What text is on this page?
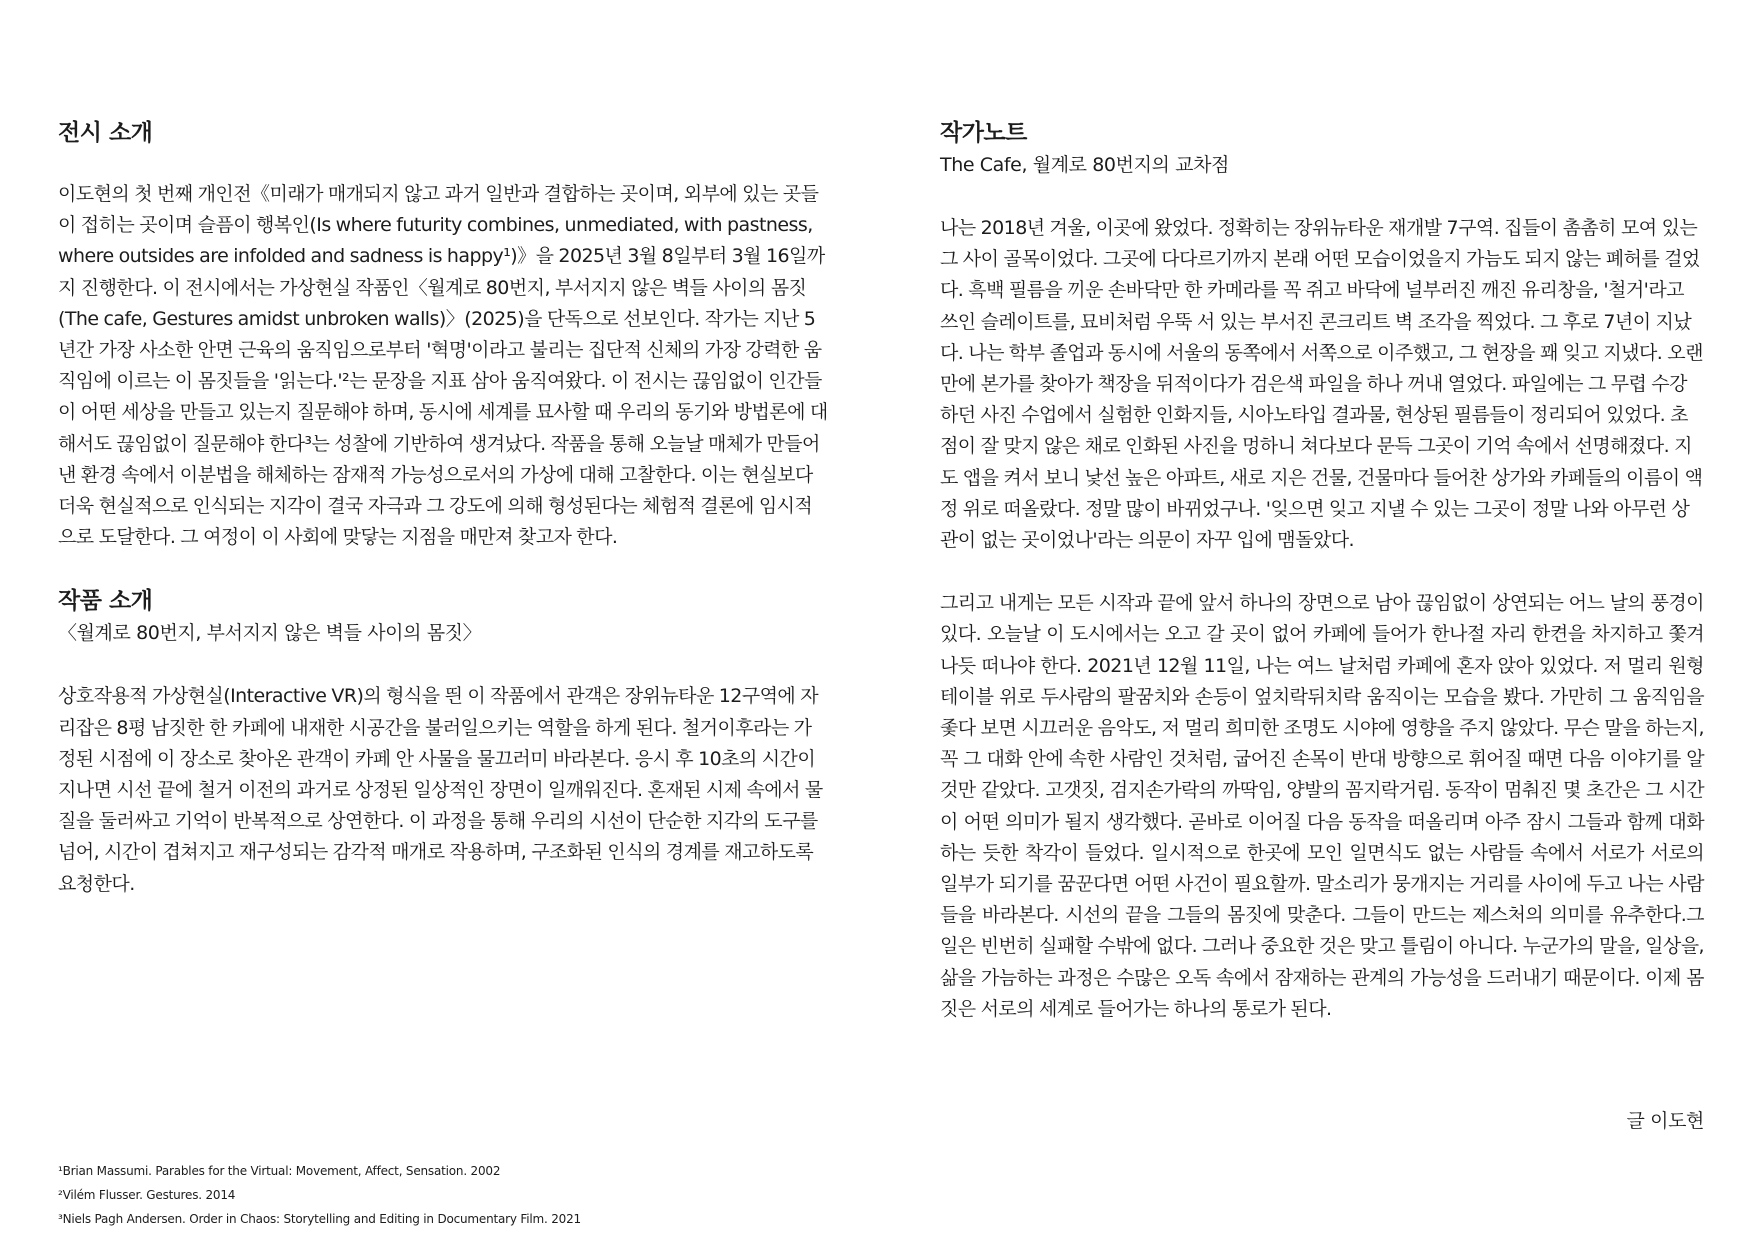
전시 소개

이도현의 첫 번째 개인전《미래가 매개되지 않고 과거 일반과 결합하는 곳이며, 외부에 있는 곳들이 접히는 곳이며 슬픔이 행복인(Is where futurity combines, unmediated, with pastness, where outsides are infolded and sadness is happy¹)》을 2025년 3월 8일부터 3월 16일까지 진행한다. 이 전시에서는 가상현실 작품인〈월계로 80번지, 부서지지 않은 벽들 사이의 몸짓(The cafe, Gestures amidst unbroken walls)〉(2025)을 단독으로 선보인다. 작가는 지난 5년간 가장 사소한 안면 근육의 움직임으로부터 '혁명'이라고 불리는 집단적 신체의 가장 강력한 움직임에 이르는 이 몸짓들을 '읽는다.'²는 문장을 지표 삼아 움직여왔다. 이 전시는 끊임없이 인간들이 어떤 세상을 만들고 있는지 질문해야 하며, 동시에 세계를 묘사할 때 우리의 동기와 방법론에 대해서도 끊임없이 질문해야 한다³는 성찰에 기반하여 생겨났다. 작품을 통해 오늘날 매체가 만들어낸 환경 속에서 이분법을 해체하는 잠재적 가능성으로서의 가상에 대해 고찰한다. 이는 현실보다 더욱 현실적으로 인식되는 지각이 결국 자극과 그 강도에 의해 형성된다는 체험적 결론에 임시적으로 도달한다. 그 여정이 이 사회에 맞닿는 지점을 매만져 찾고자 한다.

작품 소개

〈월계로 80번지, 부서지지 않은 벽들 사이의 몸짓〉

상호작용적 가상현실(Interactive VR)의 형식을 띈 이 작품에서 관객은 장위뉴타운 12구역에 자리잡은 8평 남짓한 한 카페에 내재한 시공간을 불러일으키는 역할을 하게 된다. 철거이후라는 가정된 시점에 이 장소로 찾아온 관객이 카페 안 사물을 물끄러미 바라본다. 응시 후 10초의 시간이 지나면 시선 끝에 철거 이전의 과거로 상정된 일상적인 장면이 일깨워진다. 혼재된 시제 속에서 물질을 둘러싸고 기억이 반복적으로 상연한다. 이 과정을 통해 우리의 시선이 단순한 지각의 도구를 넘어, 시간이 겹쳐지고 재구성되는 감각적 매개로 작용하며, 구조화된 인식의 경계를 재고하도록 요청한다.

작가노트

The Cafe, 월계로 80번지의 교차점

나는 2018년 겨울, 이곳에 왔었다. 정확히는 장위뉴타운 재개발 7구역. 집들이 촘촘히 모여 있는 그 사이 골목이었다. 그곳에 다다르기까지 본래 어떤 모습이었을지 가늠도 되지 않는 폐허를 걸었다. 흑백 필름을 끼운 손바닥만 한 카메라를 꼭 쥐고 바닥에 널부러진 깨진 유리창을, '철거'라고 쓰인 슬레이트를, 묘비처럼 우뚝 서 있는 부서진 콘크리트 벽 조각을 찍었다. 그 후로 7년이 지났다. 나는 학부 졸업과 동시에 서울의 동쪽에서 서쪽으로 이주했고, 그 현장을 꽤 잊고 지냈다. 오랜만에 본가를 찾아가 책장을 뒤적이다가 검은색 파일을 하나 꺼내 열었다. 파일에는 그 무렵 수강하던 사진 수업에서 실험한 인화지들, 시아노타입 결과물, 현상된 필름들이 정리되어 있었다. 초점이 잘 맞지 않은 채로 인화된 사진을 멍하니 쳐다보다 문득 그곳이 기억 속에서 선명해졌다. 지도 앱을 켜서 보니 낯선 높은 아파트, 새로 지은 건물, 건물마다 들어찬 상가와 카페들의 이름이 액정 위로 떠올랐다. 정말 많이 바뀌었구나. '잊으면 잊고 지낼 수 있는 그곳이 정말 나와 아무런 상관이 없는 곳이었나'라는 의문이 자꾸 입에 맴돌았다.

그리고 내게는 모든 시작과 끝에 앞서 하나의 장면으로 남아 끊임없이 상연되는 어느 날의 풍경이 있다. 오늘날 이 도시에서는 오고 갈 곳이 없어 카페에 들어가 한나절 자리 한켠을 차지하고 쫓겨나듯 떠나야 한다. 2021년 12월 11일, 나는 여느 날처럼 카페에 혼자 앉아 있었다. 저 멀리 원형 테이블 위로 두사람의 팔꿈치와 손등이 엎치락뒤치락 움직이는 모습을 봤다. 가만히 그 움직임을 좇다 보면 시끄러운 음악도, 저 멀리 희미한 조명도 시야에 영향을 주지 않았다. 무슨 말을 하는지, 꼭 그 대화 안에 속한 사람인 것처럼, 굽어진 손목이 반대 방향으로 휘어질 때면 다음 이야기를 알 것만 같았다. 고갯짓, 검지손가락의 까딱임, 양발의 꼼지락거림. 동작이 멈춰진 몇 초간은 그 시간이 어떤 의미가 될지 생각했다. 곧바로 이어질 다음 동작을 떠올리며 아주 잠시 그들과 함께 대화하는 듯한 착각이 들었다. 일시적으로 한곳에 모인 일면식도 없는 사람들 속에서 서로가 서로의 일부가 되기를 꿈꾼다면 어떤 사건이 필요할까. 말소리가 뭉개지는 거리를 사이에 두고 나는 사람들을 바라본다. 시선의 끝을 그들의 몸짓에 맞춘다. 그들이 만드는 제스처의 의미를 유추한다.그 일은 빈번히 실패할 수밖에 없다. 그러나 중요한 것은 맞고 틀림이 아니다. 누군가의 말을, 일상을, 삶을 가늠하는 과정은 수많은 오독 속에서 잠재하는 관계의 가능성을 드러내기 때문이다. 이제 몸짓은 서로의 세계로 들어가는 하나의 통로가 된다.

글 이도현

¹Brian Massumi. Parables for the Virtual: Movement, Affect, Sensation. 2002

²Vilém Flusser. Gestures. 2014

³Niels Pagh Andersen. Order in Chaos: Storytelling and Editing in Documentary Film. 2021
